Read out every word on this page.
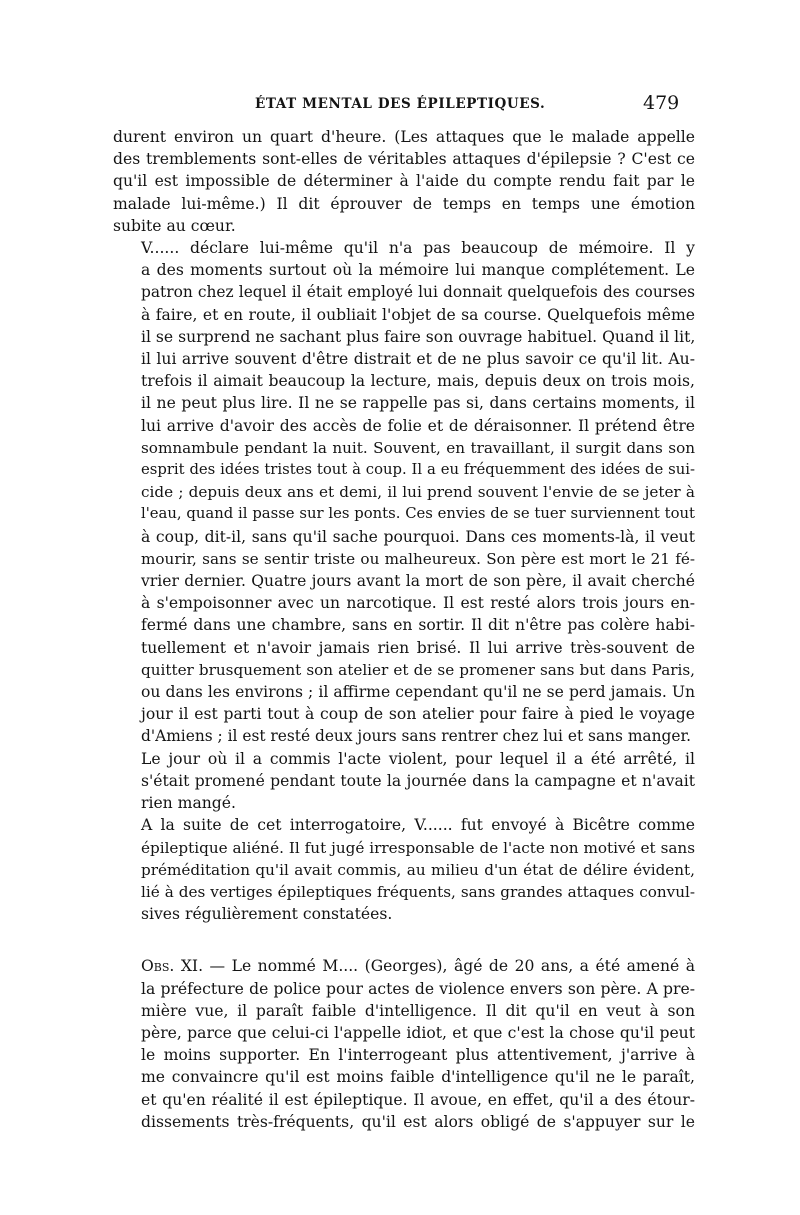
ÉTAT MENTAL DES ÉPILEPTIQUES.	479

durent environ un quart d'heure. (Les attaques que le malade appelle
des tremblements sont-elles de véritables attaques d'épilepsie ? C'est ce
qu'il est impossible de déterminer à l'aide du compte rendu fait par le
malade lui-même.) Il dit éprouver de temps en temps une émotion
subite au cœur.

V...... déclare lui-même qu'il n'a pas beaucoup de mémoire. Il y
a des moments surtout où la mémoire lui manque complétement. Le
patron chez lequel il était employé lui donnait quelquefois des courses
à faire, et en route, il oubliait l'objet de sa course. Quelquefois même
il se surprend ne sachant plus faire son ouvrage habituel. Quand il lit,
il lui arrive souvent d'être distrait et de ne plus savoir ce qu'il lit. Au-
trefois il aimait beaucoup la lecture, mais, depuis deux on trois mois,
il ne peut plus lire. Il ne se rappelle pas si, dans certains moments, il
lui arrive d'avoir des accès de folie et de déraisonner. Il prétend être
somnambule pendant la nuit. Souvent, en travaillant, il surgit dans son
esprit des idées tristes tout à coup. Il a eu fréquemment des idées de sui-
cide ; depuis deux ans et demi, il lui prend souvent l'envie de se jeter à
l'eau, quand il passe sur les ponts. Ces envies de se tuer surviennent tout
à coup, dit-il, sans qu'il sache pourquoi. Dans ces moments-là, il veut
mourir, sans se sentir triste ou malheureux. Son père est mort le 21 fé-
vrier dernier. Quatre jours avant la mort de son père, il avait cherché
à s'empoisonner avec un narcotique. Il est resté alors trois jours en-
fermé dans une chambre, sans en sortir. Il dit n'être pas colère habi-
tuellement et n'avoir jamais rien brisé. Il lui arrive très-souvent de
quitter brusquement son atelier et de se promener sans but dans Paris,
ou dans les environs ; il affirme cependant qu'il ne se perd jamais. Un
jour il est parti tout à coup de son atelier pour faire à pied le voyage
d'Amiens ; il est resté deux jours sans rentrer chez lui et sans manger.

Le jour où il a commis l'acte violent, pour lequel il a été arrêté, il
s'était promené pendant toute la journée dans la campagne et n'avait
rien mangé.

A la suite de cet interrogatoire, V...... fut envoyé à Bicêtre comme
épileptique aliéné. Il fut jugé irresponsable de l'acte non motivé et sans
préméditation qu'il avait commis, au milieu d'un état de délire évident,
lié à des vertiges épileptiques fréquents, sans grandes attaques convul-
sives régulièrement constatées.

Obs. XI. — Le nommé M.... (Georges), âgé de 20 ans, a été amené à
la préfecture de police pour actes de violence envers son père. A pre-
mière vue, il paraît faible d'intelligence. Il dit qu'il en veut à son
père, parce que celui-ci l'appelle idiot, et que c'est la chose qu'il peut
le moins supporter. En l'interrogeant plus attentivement, j'arrive à
me convaincre qu'il est moins faible d'intelligence qu'il ne le paraît,
et qu'en réalité il est épileptique. Il avoue, en effet, qu'il a des étour-
dissements très-fréquents, qu'il est alors obligé de s'appuyer sur le
